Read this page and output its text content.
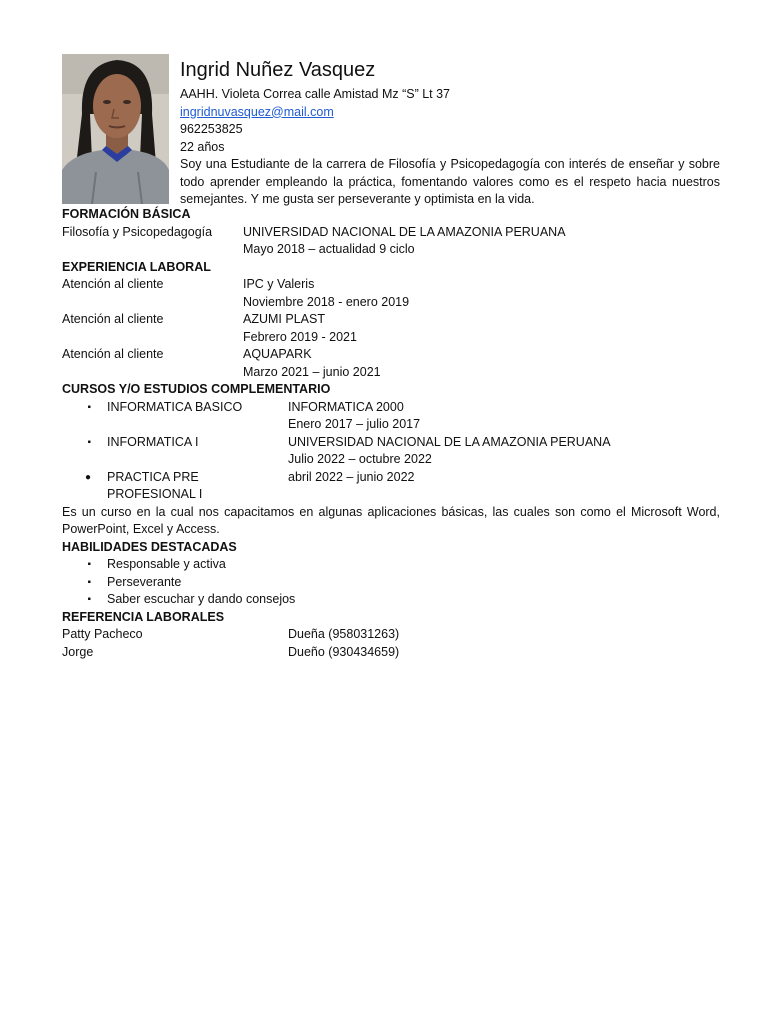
Ingrid Nuñez Vasquez

AAHH. Violeta Correa calle Amistad Mz “S” Lt 37

ingridnuvasquez@mail.com

962253825

22 años

Soy una Estudiante de la carrera de Filosofía y Psicopedagogía con interés de enseñar y sobre todo aprender empleando la práctica, fomentando valores como es el respeto hacia nuestros semejantes. Y me gusta ser perseverante y optimista en la vida.

FORMACIÓN BÁSICA

Filosofía y Psicopedagogía	UNIVERSIDAD NACIONAL DE LA AMAZONIA PERUANA
Mayo 2018 – actualidad 9 ciclo

EXPERIENCIA LABORAL

Atención al cliente	IPC y Valeris
Noviembre 2018 - enero 2019
Atención al cliente	AZUMI PLAST
Febrero 2019 - 2021
Atención al cliente	AQUAPARK
Marzo 2021 – junio 2021

CURSOS Y/O ESTUDIOS COMPLEMENTARIO

▪	INFORMATICA BASICO	INFORMATICA 2000
Enero 2017 – julio 2017
▪	INFORMATICA I	UNIVERSIDAD NACIONAL DE LA AMAZONIA PERUANA
Julio 2022 – octubre 2022
●	PRACTICA PRE PROFESIONAL I
abril 2022 – junio 2022

Es un curso en la cual nos capacitamos en algunas aplicaciones básicas, las cuales son como el Microsoft Word, PowerPoint, Excel y Access.

HABILIDADES DESTACADAS

▪	Responsable y activa
▪	Perseverante
▪	Saber escuchar y dando consejos

REFERENCIA LABORALES

Patty Pacheco	Dueña (958031263)
Jorge	Dueño (930434659)
